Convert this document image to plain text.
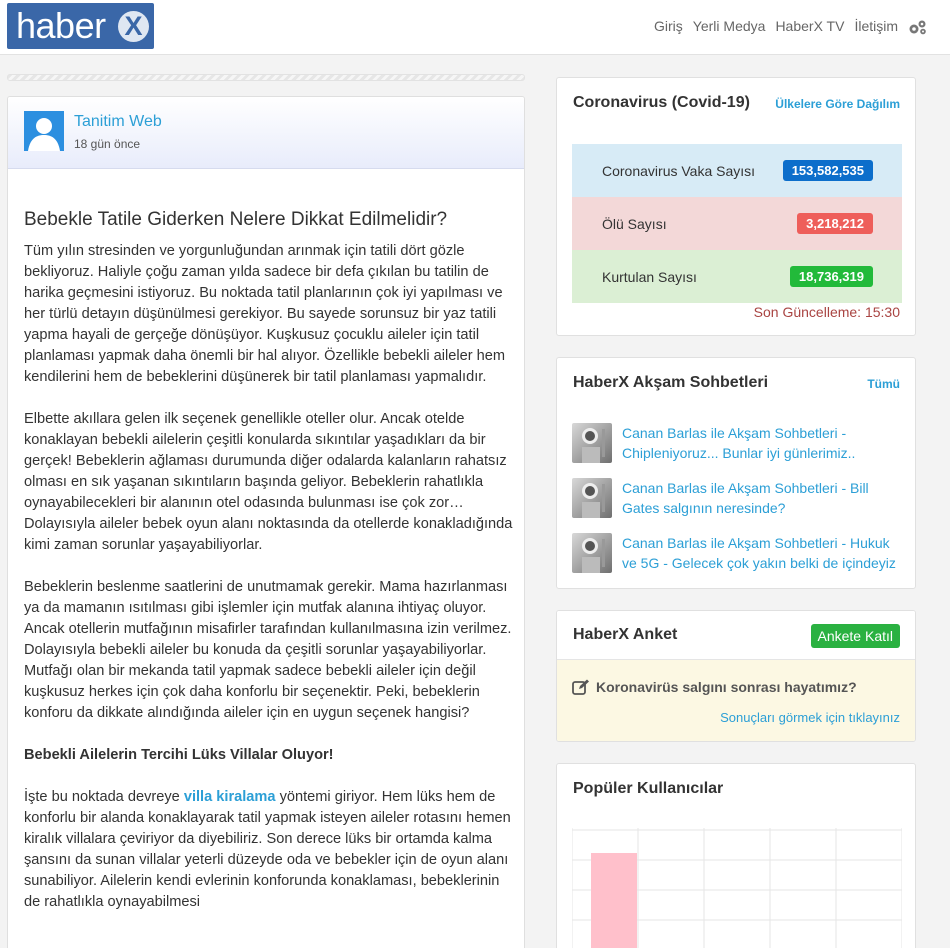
haber X	Giriş Yerli Medya HaberX TV İletişim
Tanitim Web
18 gün önce
Bebekle Tatile Giderken Nelere Dikkat Edilmelidir?

Tüm yılın stresinden ve yorgunluğundan arınmak için tatili dört gözle bekliyoruz. Haliyle çoğu zaman yılda sadece bir defa çıkılan bu tatilin de harika geçmesini istiyoruz. Bu noktada tatil planlarının çok iyi yapılması ve her türlü detayın düşünülmesi gerekiyor. Bu sayede sorunsuz bir yaz tatili yapma hayali de gerçeğe dönüşüyor. Kuşkusuz çocuklu aileler için tatil planlaması yapmak daha önemli bir hal alıyor. Özellikle bebekli aileler hem kendilerini hem de bebeklerini düşünerek bir tatil planlaması yapmalıdır.

Elbette akıllara gelen ilk seçenek genellikle oteller olur. Ancak otelde konaklayan bebekli ailelerin çeşitli konularda sıkıntılar yaşadıkları da bir gerçek! Bebeklerin ağlaması durumunda diğer odalarda kalanların rahatsız olması en sık yaşanan sıkıntıların başında geliyor. Bebeklerin rahatlıkla oynayabilecekleri bir alanının otel odasında bulunması ise çok zor… Dolayısıyla aileler bebek oyun alanı noktasında da otellerde konakladığında kimi zaman sorunlar yaşayabiliyorlar.

Bebeklerin beslenme saatlerini de unutmamak gerekir. Mama hazırlanması ya da mamanın ısıtılması gibi işlemler için mutfak alanına ihtiyaç oluyor. Ancak otellerin mutfağının misafirler tarafından kullanılmasına izin verilmez. Dolayısıyla bebekli aileler bu konuda da çeşitli sorunlar yaşayabiliyorlar. Mutfağı olan bir mekanda tatil yapmak sadece bebekli aileler için değil kuşkusuz herkes için çok daha konforlu bir seçenektir. Peki, bebeklerin konforu da dikkate alındığında aileler için en uygun seçenek hangisi?

Bebekli Ailelerin Tercihi Lüks Villalar Oluyor!

İşte bu noktada devreye villa kiralama yöntemi giriyor. Hem lüks hem de konforlu bir alanda konaklayarak tatil yapmak isteyen aileler rotasını hemen kiralık villalara çeviriyor da diyebiliriz. Son derece lüks bir ortamda kalma şansını da sunan villalar yeterli düzeyde oda ve bebekler için de oyun alanı sunabiliyor. Ailelerin kendi evlerinin konforunda konaklaması, bebeklerinin de rahatlıkla oynayabilmesi

Coronavirus (Covid-19) Ülkelere Göre Dağılım
Coronavirus Vaka Sayısı	153,582,535
Ölü Sayısı	3,218,212
Kurtulan Sayısı	18,736,319
Son Güncelleme: 15:30
HaberX Akşam Sohbetleri	Tümü
Canan Barlas ile Akşam Sohbetleri - Chipleniyoruz... Bunlar iyi günlerimiz..
Canan Barlas ile Akşam Sohbetleri - Bill Gates salgının neresinde?
Canan Barlas ile Akşam Sohbetleri - Hukuk ve 5G - Gelecek çok yakın belki de içindeyiz
HaberX Anket	Ankete Katıl
Koronavirüs salgını sonrası hayatımız?
Sonuçları görmek için tıklayınız
Popüler Kullanıcılar
